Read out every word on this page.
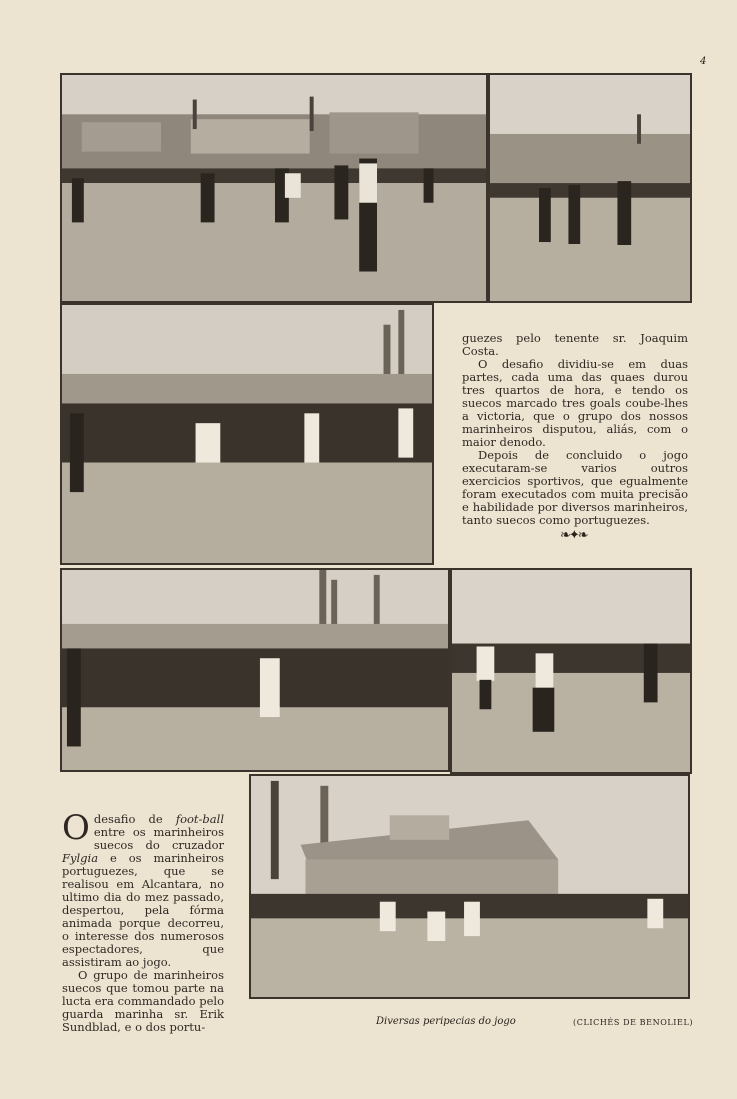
4

guezes pelo tenente sr. Joaquim Costa.

O desafio dividiu-se em duas partes, cada uma das quaes durou tres quartos de hora, e tendo os suecos marcado tres goals coube-lhes a victoria, que o grupo dos nossos marinheiros disputou, aliás, com o maior denodo.

Depois de concluido o jogo executaram-se varios outros exercicios sportivos, que egualmente foram executados com muita precisão e habilidade por diversos marinheiros, tanto suecos como portuguezes.

❧✦❧

Odesafio de foot-ball entre os marinheiros suecos do cruzador Fylgia e os marinheiros portuguezes, que se realisou em Alcantara, no ultimo dia do mez passado, despertou, pela fórma animada porque decorreu, o interesse dos numerosos espectadores, que assistiram ao jogo.

O grupo de marinheiros suecos que tomou parte na lucta era commandado pelo guarda marinha sr. Erik Sundblad, e o dos portu-	Diversas peripecias do jogo	(CLICHÉS DE BENOLIEL)
